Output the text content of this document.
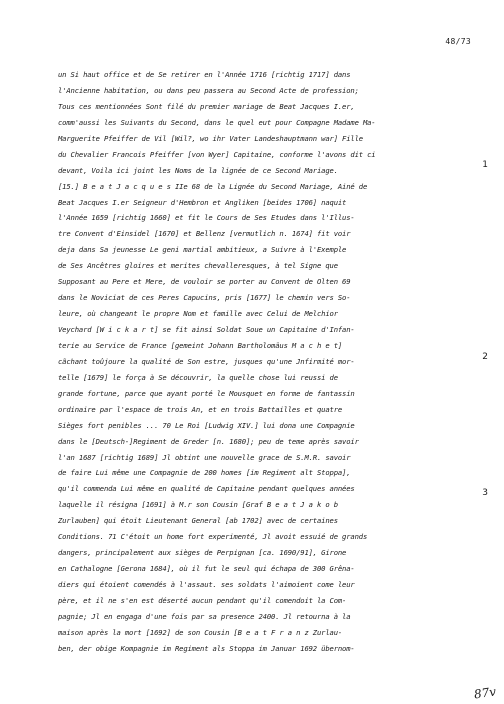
48/73
un Si haut office et de Se retirer en l'Année 1716 [richtig 1717] dans
l'Ancienne habitation, ou dans peu passera au Second Acte de profession;
Tous ces mentionnées Sont filé du premier mariage de Beat Jacques I.er,
comm'aussi les Suivants du Second, dans le quel eut pour Compagne Madame Ma-
Marguerite Pfeiffer de Vil [Wil?, wo ihr Vater Landeshauptmann war] Fille
du Chevalier Francois Pfeiffer [von Wyer] Capitaine, conforme l'avons dit ci
devant, Voila ici joint les Noms de la lignée de ce Second Mariage.
[15.] B e a t J a c q u e s IIe 68 de la Lignée du Second Mariage, Ainé de
Beat Jacques I.er Seigneur d'Hembron et Angliken [beides 1706] naquit
l'Année 1659 [richtig 1660] et fit le Cours de Ses Etudes dans l'Illus-
tre Convent d'Einsidel [1670] et Bellenz [vermutlich n. 1674] fit voir
deja dans Sa jeunesse Le geni martial ambitieux, a Suivre à l'Exemple
de Ses Ancêtres gloires et merites chevalleresques, à tel Signe que
Supposant au Pere et Mere, de vouloir se porter au Convent de Olten 69
dans le Noviciat de ces Peres Capucins, pris [1677] le chemin vers So-
leure, où changeant le propre Nom et famille avec Celui de Melchior
Veychard [W i c k a r t] se fit ainsi Soldat Soue un Capitaine d'Infan-
terie au Service de France [gemeint Johann Bartholomäus M a c h e t]
cãchant toûjoure la qualité de Son estre, jusques qu'une Jnfirmité mor-
telle [1679] le força à Se découvrir, la quelle chose lui reussi de
grande fortune, parce que ayant porté le Mousquet en forme de fantassin
ordinaire par l'espace de trois An, et en trois Battailles et quatre
Sièges fort penibles ... 70 Le Roi [Ludwig XIV.] lui dona une Compagnie
dans le [Deutsch-]Regiment de Greder [n. 1680]; peu de teme après savoir
l'an 1687 [richtig 1689] Jl obtint une nouvelle grace de S.M.R. savoir
de faire Lui même une Compagnie de 200 homes [im Regiment alt Stoppa],
qu'il commenda Lui même en qualité de Capitaine pendant quelques années
laquelle il résigna [1691] à M.r son Cousin [Graf B e a t J a k o b
Zurlauben] qui étoit Lieutenant General [ab 1702] avec de certaines
Conditions. 71 C'étoit un home fort experimenté, Jl avoit essuié de grands
dangers, principalement aux sièges de Perpignan [ca. 1690/91], Girone
en Cathalogne [Gerona 1684], où il fut le seul qui échapa de 300 Grêna-
diers qui étoient comendés à l'assaut. ses soldats l'aimoient come leur
père, et il ne s'en est déserté aucun pendant qu'il comendoit la Com-
pagnie; Jl en engaga d'une fois par sa presence 2400. Jl retourna à la
maison après la mort [1692] de son Cousin [B e a t F r a n z Zurlau-
ben, der obige Kompagnie im Regiment als Stoppa im Januar 1692 übernom-
1
2
3
87v
